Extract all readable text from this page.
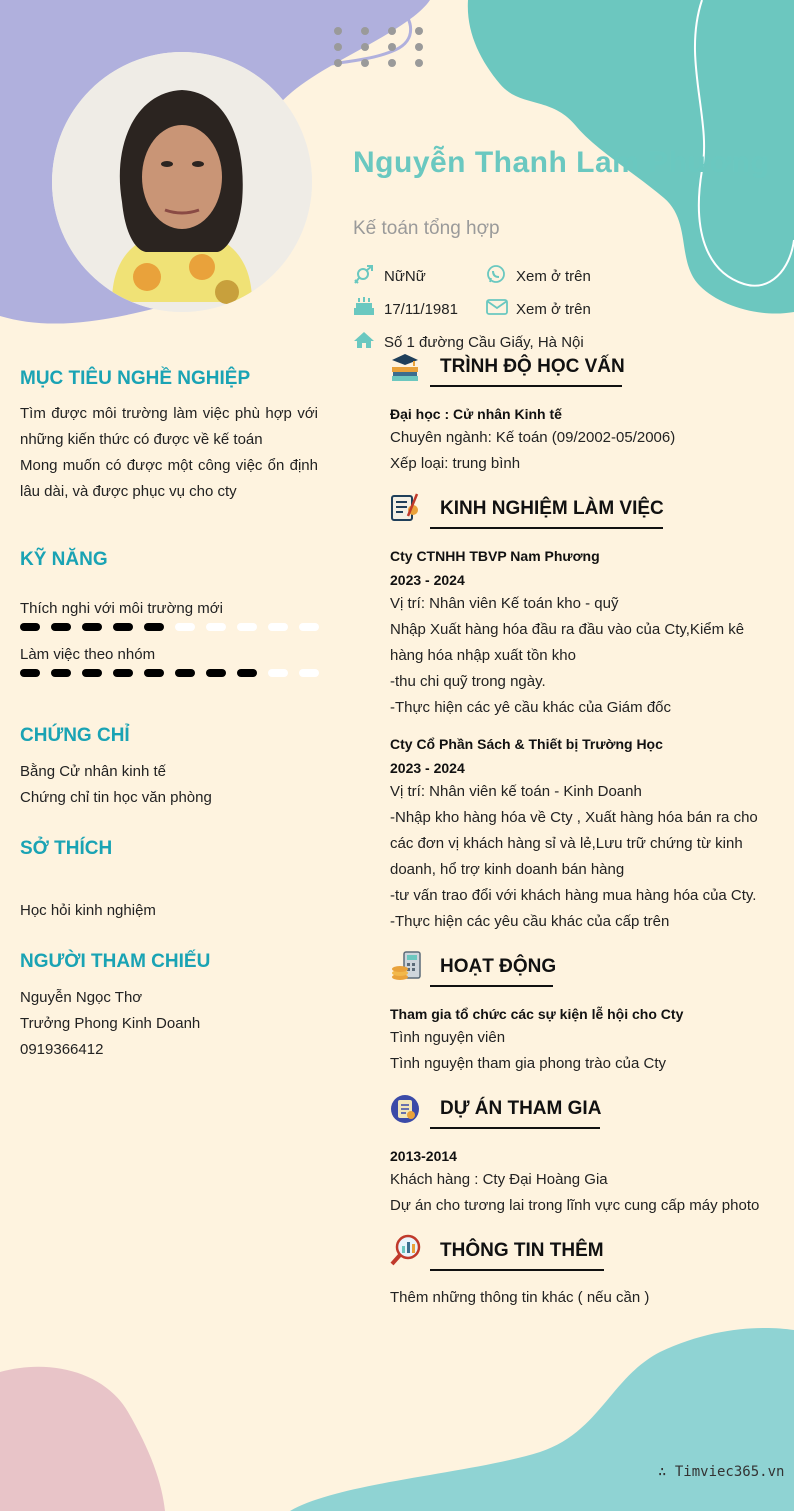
Nguyễn Thanh Lam Phương
Kế toán tổng hợp
NữNữ	Xem ở trên
17/11/1981	Xem ở trên
Số 1 đường Cầu Giấy, Hà Nội
MỤC TIÊU NGHỀ NGHIỆP
Tìm được môi trường làm việc phù hợp với những kiến thức có được về kế toán
Mong muốn có được một công việc ổn định lâu dài, và được phục vụ cho cty
KỸ NĂNG
Thích nghi với môi trường mới
Làm việc theo nhóm
CHỨNG CHỈ
Bằng Cử nhân kinh tế
Chứng chỉ tin học văn phòng
SỞ THÍCH
Học hỏi kinh nghiệm
NGƯỜI THAM CHIẾU
Nguyễn Ngọc Thơ
Trưởng Phong Kinh Doanh
0919366412
TRÌNH ĐỘ HỌC VẤN
Đại học : Cử nhân Kinh tế
Chuyên ngành: Kế toán (09/2002-05/2006)
Xếp loại: trung bình
KINH NGHIỆM LÀM VIỆC
Cty CTNHH TBVP Nam Phương
2023 - 2024
Vị trí: Nhân viên Kế toán kho - quỹ
Nhập Xuất hàng hóa đầu ra đầu vào của Cty,Kiểm kê hàng hóa nhập xuất tồn kho
-thu chi quỹ trong ngày.
-Thực hiện các yê cầu khác của Giám đốc
Cty Cổ Phần Sách & Thiết bị Trường Học
2023 - 2024
Vị trí: Nhân viên kế toán - Kinh Doanh
-Nhập kho hàng hóa về Cty , Xuất hàng hóa bán ra cho các đơn vị khách hàng sỉ và lẻ,Lưu trữ chứng từ kinh doanh, hổ trợ kinh doanh bán hàng
-tư vấn trao đổi với khách hàng mua hàng hóa của Cty.
-Thực hiện các yêu cầu khác của cấp trên
HOẠT ĐỘNG
Tham gia tổ chức các sự kiện lễ hội cho Cty
Tình nguyện viên
Tình nguyện tham gia phong trào của Cty
DỰ ÁN THAM GIA
2013-2014
Khách hàng : Cty Đại Hoàng Gia
Dự án cho tương lai trong lĩnh vực cung cấp máy photo
THÔNG TIN THÊM
Thêm những thông tin khác ( nếu cần )
∴ Timviec365.vn
